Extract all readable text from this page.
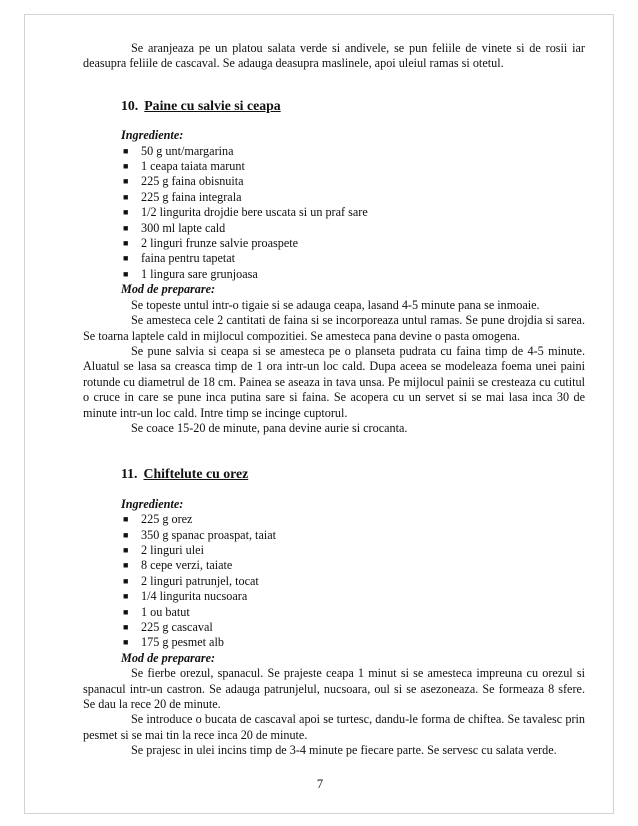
Se aranjeaza pe un platou salata verde si andivele, se pun feliile de vinete si de rosii iar deasupra feliile de cascaval. Se adauga deasupra maslinele, apoi uleiul ramas si otetul.

10. Paine cu salvie si ceapa
Ingrediente:
■ 50 g unt/margarina
■ 1 ceapa taiata marunt
■ 225 g faina obisnuita
■ 225 g faina integrala
■ 1/2 lingurita drojdie bere uscata si un praf sare
■ 300 ml lapte cald
■ 2 linguri frunze salvie proaspete
■ faina pentru tapetat
■ 1 lingura sare grunjoasa
Mod de preparare:

Se topeste untul intr-o tigaie si se adauga ceapa, lasand 4-5 minute pana se inmoaie.

Se amesteca cele 2 cantitati de faina si se incorporeaza untul ramas. Se pune drojdia si sarea. Se toarna laptele cald in mijlocul compozitiei. Se amesteca pana devine o pasta omogena.

Se pune salvia si ceapa si se amesteca pe o planseta pudrata cu faina timp de 4-5 minute. Aluatul se lasa sa creasca timp de 1 ora intr-un loc cald. Dupa aceea se modeleaza foema unei paini rotunde cu diametrul de 18 cm. Painea se aseaza in tava unsa. Pe mijlocul painii se cresteaza cu cutitul o cruce in care se pune inca putina sare si faina. Se acopera cu un servet si se mai lasa inca 30 de minute intr-un loc cald. Intre timp se incinge cuptorul.

Se coace 15-20 de minute, pana devine aurie si crocanta.

11. Chiftelute cu orez
Ingrediente:
■ 225 g orez
■ 350 g spanac proaspat, taiat
■ 2 linguri ulei
■ 8 cepe verzi, taiate
■ 2 linguri patrunjel, tocat
■ 1/4 lingurita nucsoara
■ 1 ou batut
■ 225 g cascaval
■ 175 g pesmet alb
Mod de preparare:

Se fierbe orezul, spanacul. Se prajeste ceapa 1 minut si se amesteca impreuna cu orezul si spanacul intr-un castron. Se adauga patrunjelul, nucsoara, oul si se asezoneaza. Se formeaza 8 sfere. Se dau la rece 20 de minute.

Se introduce o bucata de cascaval apoi se turtesc, dandu-le forma de chiftea. Se tavalesc prin pesmet si se mai tin la rece inca 20 de minute.

Se prajesc in ulei incins timp de 3-4 minute pe fiecare parte. Se servesc cu salata verde.

7
